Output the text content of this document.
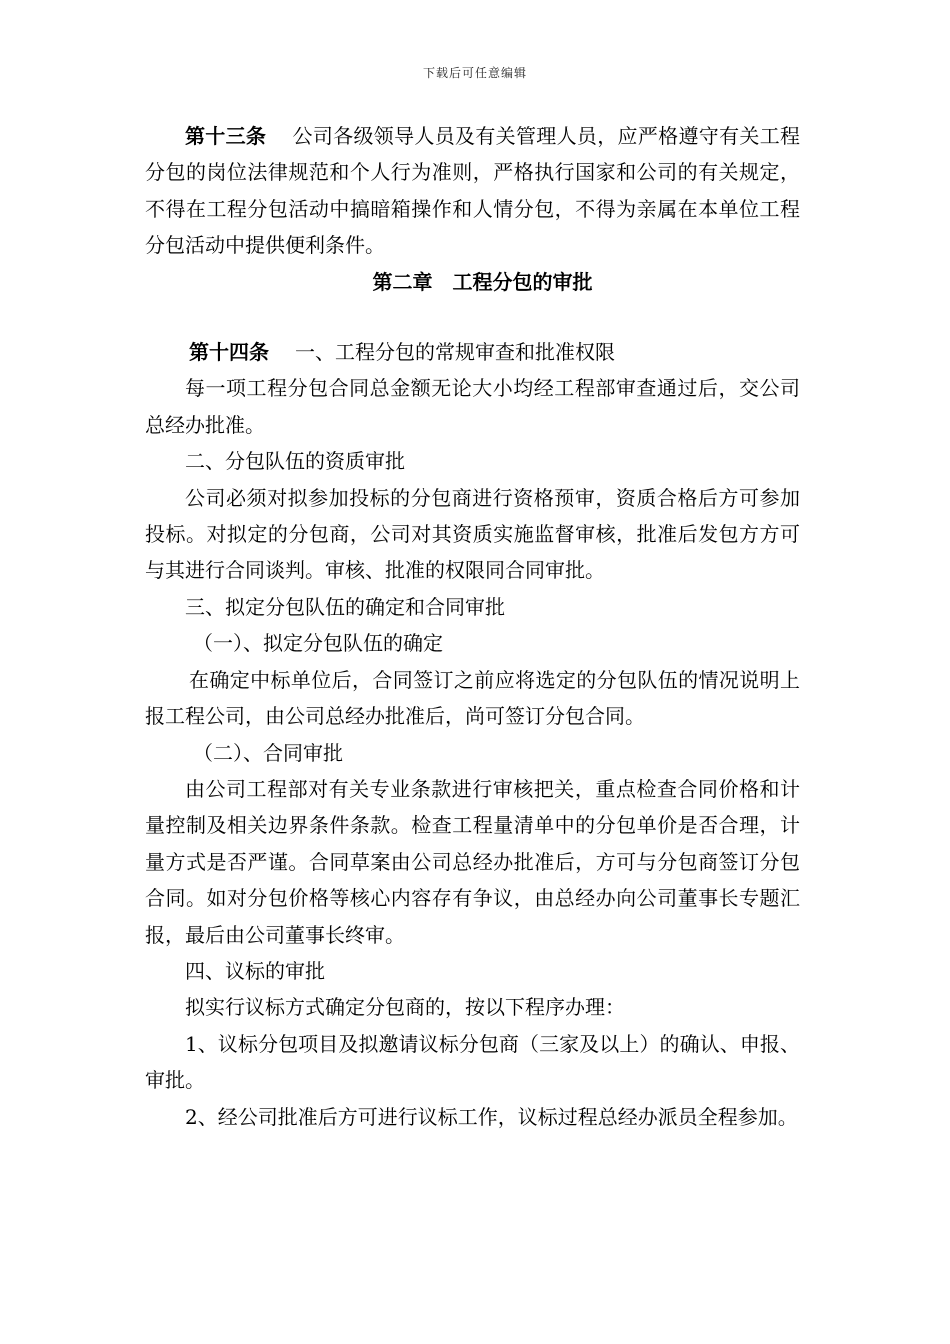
下载后可任意编辑

第十三条 公司各级领导人员及有关管理人员，应严格遵守有关工程分包的岗位法律规范和个人行为准则，严格执行国家和公司的有关规定，不得在工程分包活动中搞暗箱操作和人情分包，不得为亲属在本单位工程分包活动中提供便利条件。

第二章　工程分包的审批

第十四条 一、工程分包的常规审查和批准权限

每一项工程分包合同总金额无论大小均经工程部审查通过后，交公司总经办批准。

二、分包队伍的资质审批

公司必须对拟参加投标的分包商进行资格预审，资质合格后方可参加投标。对拟定的分包商，公司对其资质实施监督审核，批准后发包方方可与其进行合同谈判。审核、批准的权限同合同审批。

三、拟定分包队伍的确定和合同审批

（一）、拟定分包队伍的确定

在确定中标单位后，合同签订之前应将选定的分包队伍的情况说明上报工程公司，由公司总经办批准后，尚可签订分包合同。

（二）、合同审批

由公司工程部对有关专业条款进行审核把关，重点检查合同价格和计量控制及相关边界条件条款。检查工程量清单中的分包单价是否合理，计量方式是否严谨。合同草案由公司总经办批准后，方可与分包商签订分包合同。如对分包价格等核心内容存有争议，由总经办向公司董事长专题汇报，最后由公司董事长终审。

四、议标的审批

拟实行议标方式确定分包商的，按以下程序办理：

1、议标分包项目及拟邀请议标分包商（三家及以上）的确认、申报、审批。

2、经公司批准后方可进行议标工作，议标过程总经办派员全程参加。
